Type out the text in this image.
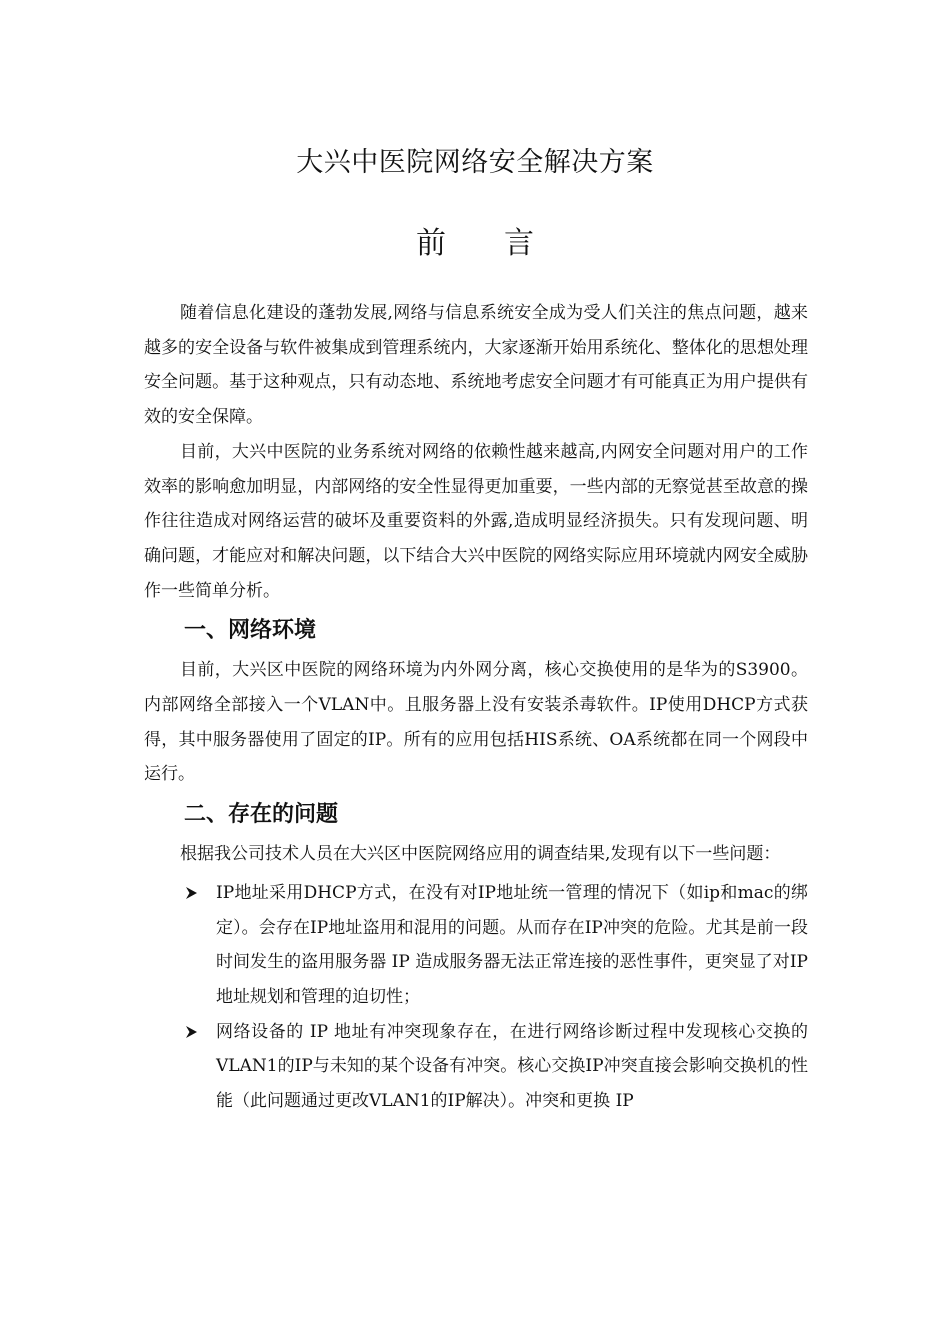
大兴中医院网络安全解决方案
前言

随着信息化建设的蓬勃发展,网络与信息系统安全成为受人们关注的焦点问题，越来越多的安全设备与软件被集成到管理系统内，大家逐渐开始用系统化、整体化的思想处理安全问题。基于这种观点，只有动态地、系统地考虑安全问题才有可能真正为用户提供有效的安全保障。

目前，大兴中医院的业务系统对网络的依赖性越来越高,内网安全问题对用户的工作效率的影响愈加明显，内部网络的安全性显得更加重要，一些内部的无察觉甚至故意的操作往往造成对网络运营的破坏及重要资料的外露,造成明显经济损失。只有发现问题、明确问题，才能应对和解决问题，以下结合大兴中医院的网络实际应用环境就内网安全威胁作一些简单分析。

一、网络环境

目前，大兴区中医院的网络环境为内外网分离，核心交换使用的是华为的S3900。内部网络全部接入一个VLAN中。且服务器上没有安装杀毒软件。IP使用DHCP方式获得，其中服务器使用了固定的IP。所有的应用包括HIS系统、OA系统都在同一个网段中运行。

二、存在的问题

根据我公司技术人员在大兴区中医院网络应用的调查结果,发现有以下一些问题：

IP地址采用DHCP方式，在没有对IP地址统一管理的情况下（如ip和mac的绑定）。会存在IP地址盗用和混用的问题。从而存在IP冲突的危险。尤其是前一段时间发生的盗用服务器 IP 造成服务器无法正常连接的恶性事件，更突显了对IP地址规划和管理的迫切性；
网络设备的 IP 地址有冲突现象存在，在进行网络诊断过程中发现核心交换的VLAN1的IP与未知的某个设备有冲突。核心交换IP冲突直接会影响交换机的性能（此问题通过更改VLAN1的IP解决）。冲突和更换 IP
